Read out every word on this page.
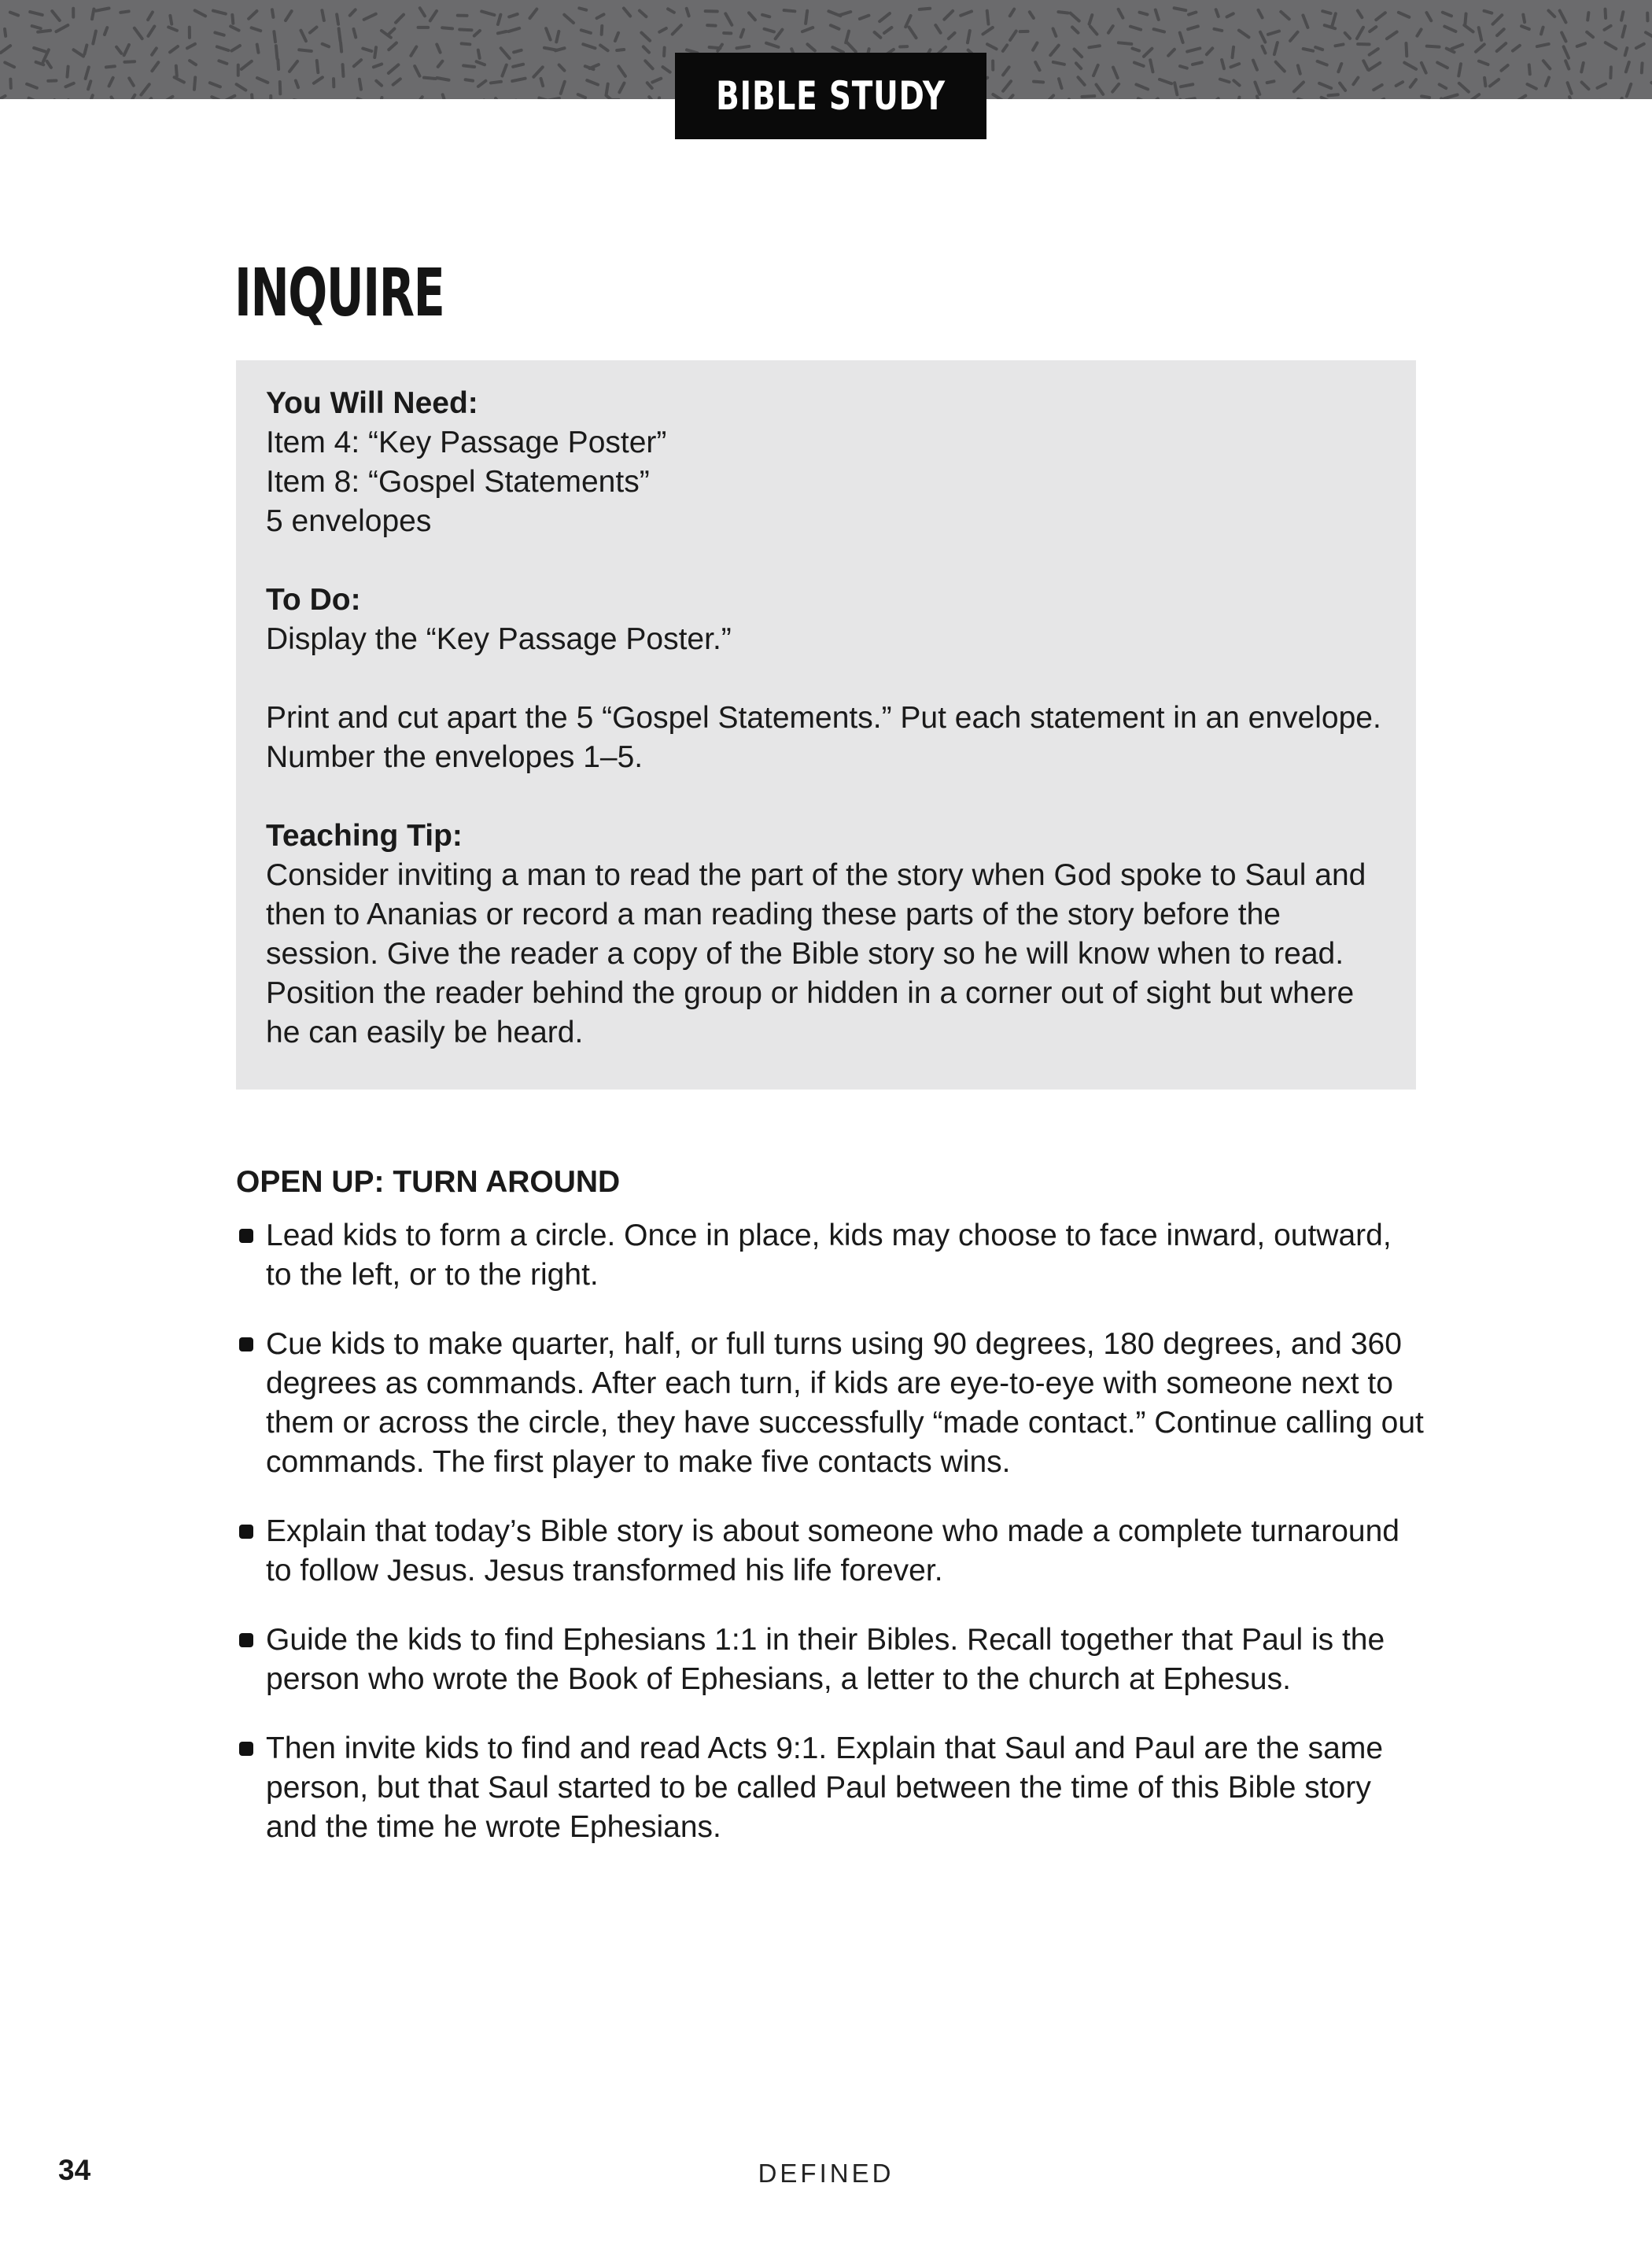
BIBLE STUDY
INQUIRE

You Will Need:

Item 4: “Key Passage Poster”

Item 8: “Gospel Statements”

5 envelopes

To Do:

Display the “Key Passage Poster.”

Print and cut apart the 5 “Gospel Statements.” Put each statement in an envelope. Number the envelopes 1–5.

Teaching Tip:

Consider inviting a man to read the part of the story when God spoke to Saul and then to Ananias or record a man reading these parts of the story before the session. Give the reader a copy of the Bible story so he will know when to read. Position the reader behind the group or hidden in a corner out of sight but where he can easily be heard.

OPEN UP: TURN AROUND
Lead kids to form a circle. Once in place, kids may choose to face inward, outward, to the left, or to the right.
Cue kids to make quarter, half, or full turns using 90 degrees, 180 degrees, and 360 degrees as commands. After each turn, if kids are eye-to-eye with someone next to them or across the circle, they have successfully “made contact.” Continue calling out commands. The first player to make five contacts wins.
Explain that today’s Bible story is about someone who made a complete turnaround to follow Jesus. Jesus transformed his life forever.
Guide the kids to find Ephesians 1:1 in their Bibles. Recall together that Paul is the person who wrote the Book of Ephesians, a letter to the church at Ephesus.
Then invite kids to find and read Acts 9:1. Explain that Saul and Paul are the same person, but that Saul started to be called Paul between the time of this Bible story and the time he wrote Ephesians.
34	DEFINED
